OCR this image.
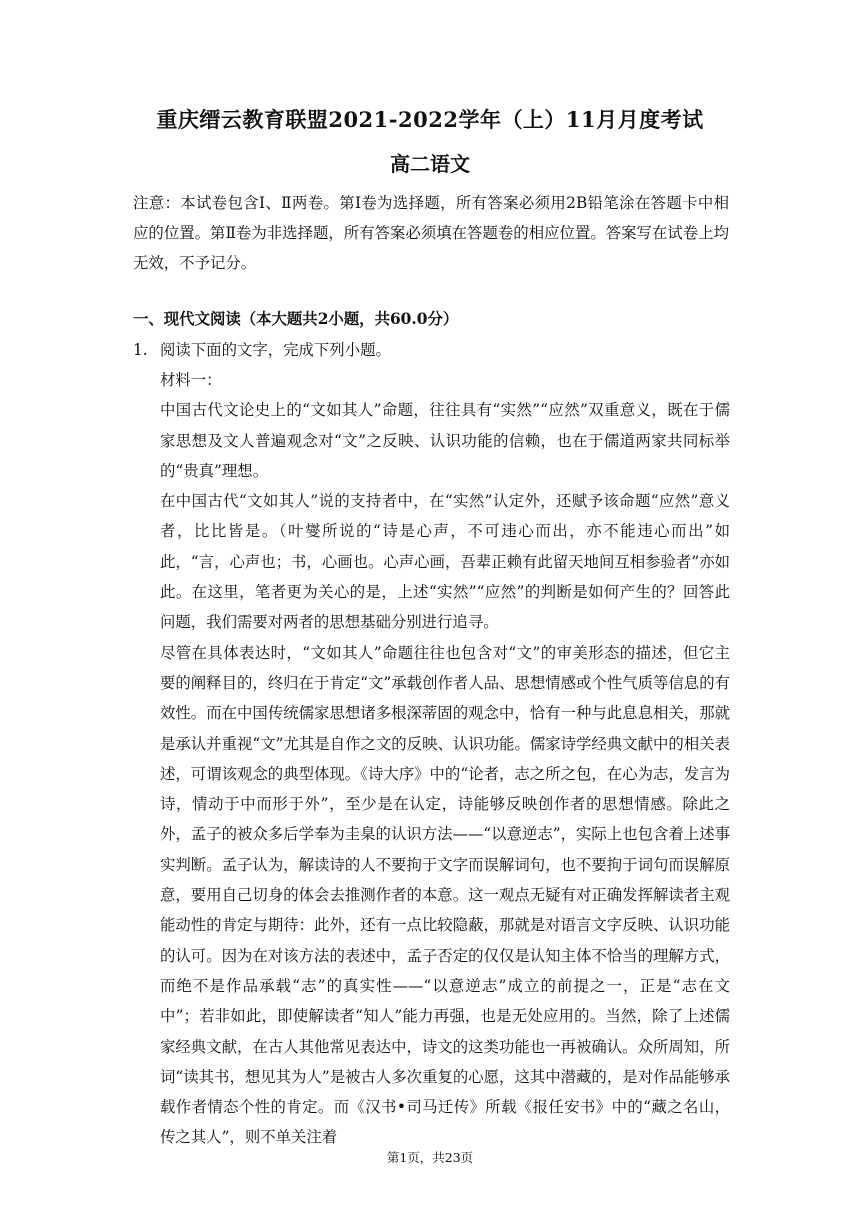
重庆缙云教育联盟2021-2022学年（上）11月月度考试
高二语文
注意：本试卷包含Ⅰ、Ⅱ两卷。第Ⅰ卷为选择题，所有答案必须用2B铅笔涂在答题卡中相应的位置。第Ⅱ卷为非选择题，所有答案必须填在答题卷的相应位置。答案写在试卷上均无效，不予记分。
一、现代文阅读（本大题共2小题，共60.0分）
1. 阅读下面的文字，完成下列小题。

材料一：

中国古代文论史上的“文如其人”命题，往往具有“实然”“应然”双重意义，既在于儒家思想及文人普遍观念对“文”之反映、认识功能的信赖，也在于儒道两家共同标举的“贵真”理想。

在中国古代“文如其人”说的支持者中，在“实然”认定外，还赋予该命题“应然”意义者，比比皆是。（叶燮所说的“诗是心声，不可违心而出，亦不能违心而出”如此，“言，心声也；书，心画也。心声心画，吾辈正赖有此留天地间互相参验者”亦如此。在这里，笔者更为关心的是，上述“实然”“应然”的判断是如何产生的？回答此问题，我们需要对两者的思想基础分别进行追寻。

尽管在具体表达时，“文如其人”命题往往也包含对“文”的审美形态的描述，但它主要的阐释目的，终归在于肯定“文”承载创作者人品、思想情感或个性气质等信息的有效性。而在中国传统儒家思想诸多根深蒂固的观念中，恰有一种与此息息相关，那就是承认并重视“文”尤其是自作之文的反映、认识功能。儒家诗学经典文献中的相关表述，可谓该观念的典型体现。《诗大序》中的“论者，志之所之包，在心为志，发言为诗，情动于中而形于外”，至少是在认定，诗能够反映创作者的思想情感。除此之外，孟子的被众多后学奉为圭臬的认识方法——“以意逆志”，实际上也包含着上述事实判断。孟子认为，解读诗的人不要拘于文字而误解词句，也不要拘于词句而误解原意，要用自己切身的体会去推测作者的本意。这一观点无疑有对正确发挥解读者主观能动性的肯定与期待：此外，还有一点比较隐蔽，那就是对语言文字反映、认识功能的认可。因为在对该方法的表述中，孟子否定的仅仅是认知主体不恰当的理解方式，而绝不是作品承载“志”的真实性——“以意逆志”成立的前提之一，正是“志在文中”；若非如此，即使解读者“知人”能力再强，也是无处应用的。当然，除了上述儒家经典文献，在古人其他常见表达中，诗文的这类功能也一再被确认。众所周知，所词“读其书，想见其为人”是被古人多次重复的心愿，这其中潜藏的，是对作品能够承载作者情态个性的肯定。而《汉书•司马迁传》所载《报任安书》中的“藏之名山，传之其人”，则不单关注着

第1页，共23页
